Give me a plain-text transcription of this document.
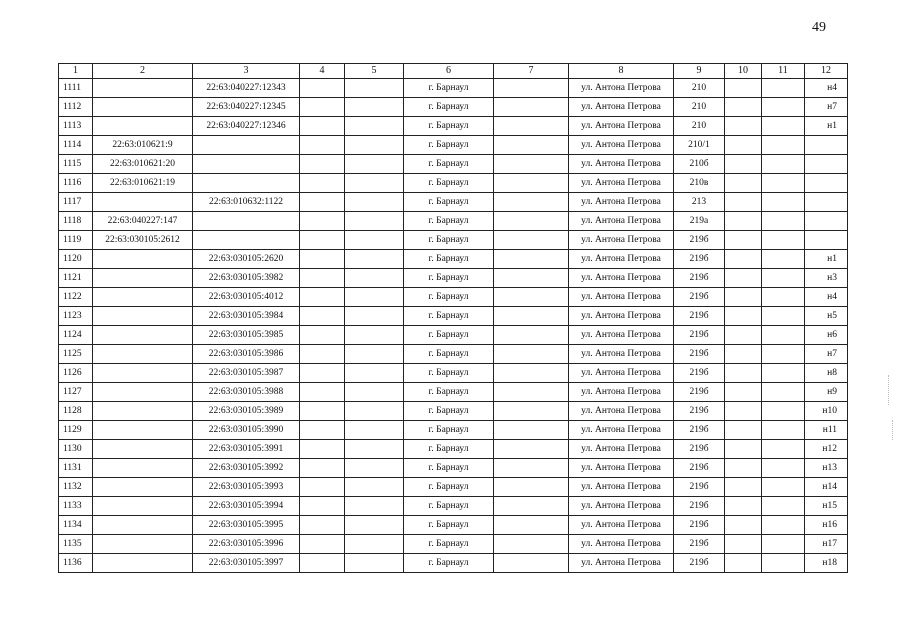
49
1	2	3	4	5	6	7	8	9	10	11	12
1111		22:63:040227:12343			г. Барнаул		ул. Антона Петрова	210			н4
1112		22:63:040227:12345			г. Барнаул		ул. Антона Петрова	210			н7
1113		22:63:040227:12346			г. Барнаул		ул. Антона Петрова	210			н1
1114	22:63:010621:9				г. Барнаул		ул. Антона Петрова	210/1			
1115	22:63:010621:20				г. Барнаул		ул. Антона Петрова	210б			
1116	22:63:010621:19				г. Барнаул		ул. Антона Петрова	210в			
1117		22:63:010632:1122			г. Барнаул		ул. Антона Петрова	213			
1118	22:63:040227:147				г. Барнаул		ул. Антона Петрова	219а			
1119	22:63:030105:2612				г. Барнаул		ул. Антона Петрова	219б			
1120		22:63:030105:2620			г. Барнаул		ул. Антона Петрова	219б			н1
1121		22:63:030105:3982			г. Барнаул		ул. Антона Петрова	219б			н3
1122		22:63:030105:4012			г. Барнаул		ул. Антона Петрова	219б			н4
1123		22:63:030105:3984			г. Барнаул		ул. Антона Петрова	219б			н5
1124		22:63:030105:3985			г. Барнаул		ул. Антона Петрова	219б			н6
1125		22:63:030105:3986			г. Барнаул		ул. Антона Петрова	219б			н7
1126		22:63:030105:3987			г. Барнаул		ул. Антона Петрова	219б			н8
1127		22:63:030105:3988			г. Барнаул		ул. Антона Петрова	219б			н9
1128		22:63:030105:3989			г. Барнаул		ул. Антона Петрова	219б			н10
1129		22:63:030105:3990			г. Барнаул		ул. Антона Петрова	219б			н11
1130		22:63:030105:3991			г. Барнаул		ул. Антона Петрова	219б			н12
1131		22:63:030105:3992			г. Барнаул		ул. Антона Петрова	219б			н13
1132		22:63:030105:3993			г. Барнаул		ул. Антона Петрова	219б			н14
1133		22:63:030105:3994			г. Барнаул		ул. Антона Петрова	219б			н15
1134		22:63:030105:3995			г. Барнаул		ул. Антона Петрова	219б			н16
1135		22:63:030105:3996			г. Барнаул		ул. Антона Петрова	219б			н17
1136		22:63:030105:3997			г. Барнаул		ул. Антона Петрова	219б			н18
